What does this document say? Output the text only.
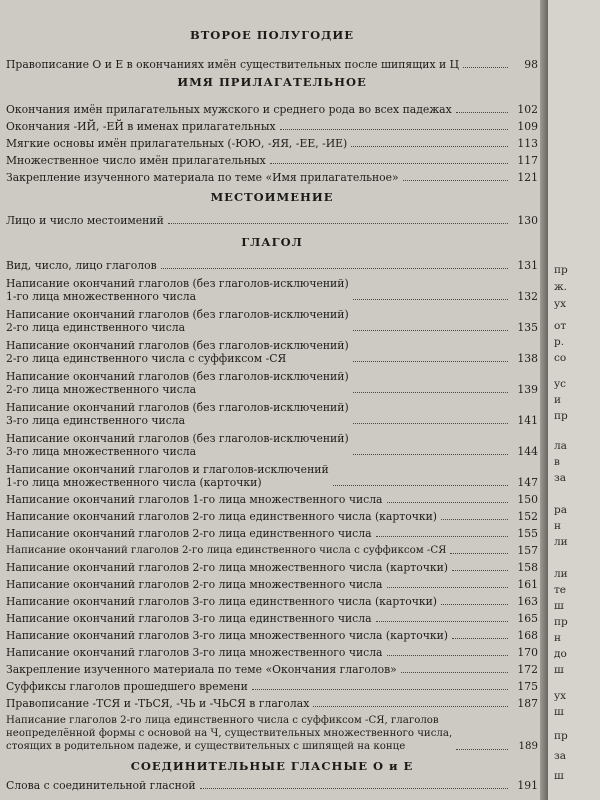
ВТОРОЕ ПОЛУГОДИЕ
Правописание О и Е в окончаниях имён существительных после шипящих и Ц	98
ИМЯ ПРИЛАГАТЕЛЬНОЕ
Окончания имён прилагательных мужского и среднего рода во всех падежах	102
Окончания -ИЙ, -ЕЙ в именах прилагательных	109
Мягкие основы имён прилагательных (-ЮЮ, -ЯЯ, -ЕЕ, -ИЕ)	113
Множественное число имён прилагательных	117
Закрепление изученного материала по теме «Имя прилагательное»	121
МЕСТОИМЕНИЕ
Лицо и число местоимений	130
ГЛАГОЛ
Вид, число, лицо глаголов	131
Написание окончаний глаголов (без глаголов-исключений)
1-го лица множественного числа	132
Написание окончаний глаголов (без глаголов-исключений)
2-го лица единственного числа	135
Написание окончаний глаголов (без глаголов-исключений)
2-го лица единственного числа с суффиксом -СЯ	138
Написание окончаний глаголов (без глаголов-исключений)
2-го лица множественного числа	139
Написание окончаний глаголов (без глаголов-исключений)
3-го лица единственного числа	141
Написание окончаний глаголов (без глаголов-исключений)
3-го лица множественного числа	144
Написание окончаний глаголов и глаголов-исключений
1-го лица множественного числа (карточки)	147
Написание окончаний глаголов 1-го лица множественного числа	150
Написание окончаний глаголов 2-го лица единственного числа (карточки)	152
Написание окончаний глаголов 2-го лица единственного числа	155
Написание окончаний глаголов 2-го лица единственного числа с суффиксом -СЯ	157
Написание окончаний глаголов 2-го лица множественного числа (карточки)	158
Написание окончаний глаголов 2-го лица множественного числа	161
Написание окончаний глаголов 3-го лица единственного числа (карточки)	163
Написание окончаний глаголов 3-го лица единственного числа	165
Написание окончаний глаголов 3-го лица множественного числа (карточки)	168
Написание окончаний глаголов 3-го лица множественного числа	170
Закрепление изученного материала по теме «Окончания глаголов»	172
Суффиксы глаголов прошедшего времени	175
Правописание -ТСЯ и -ТЬСЯ, -ЧЬ и -ЧЬСЯ в глаголах	187
Написание глаголов 2-го лица единственного числа с суффиксом -СЯ, глаголов
неопределённой формы с основой на Ч, существительных множественного числа,
стоящих в родительном падеже, и существительных с шипящей на конце	189
СОЕДИНИТЕЛЬНЫЕ ГЛАСНЫЕ О и Е
Слова с соединительной гласной	191
пр
ж.
ух
от
р.
со
ус
и
пр
ла
в
за
ра
н
ли
ли
те
ш
пр
н
до
ш
ух
ш
пр
за
ш
